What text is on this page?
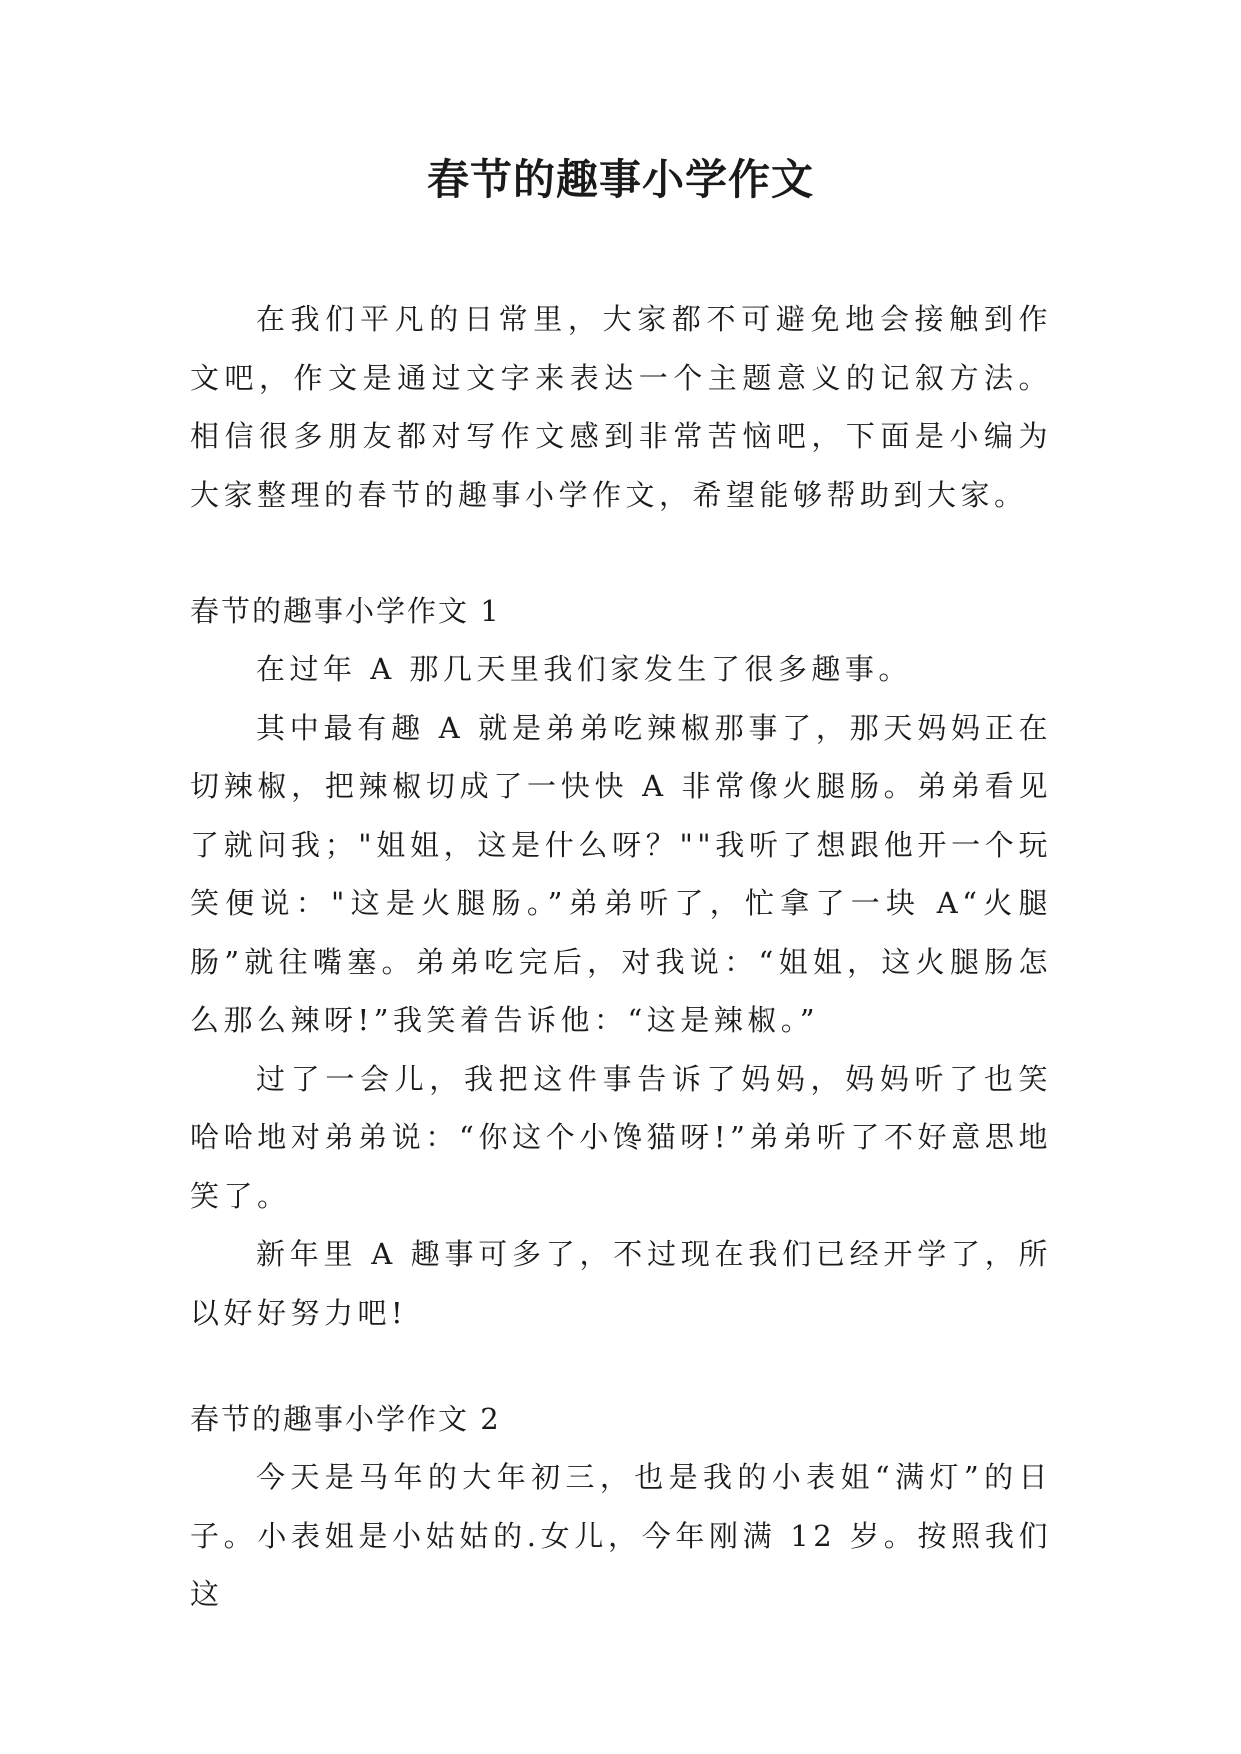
春节的趣事小学作文

在我们平凡的日常里，大家都不可避免地会接触到作文吧，作文是通过文字来表达一个主题意义的记叙方法。相信很多朋友都对写作文感到非常苦恼吧，下面是小编为大家整理的春节的趣事小学作文，希望能够帮助到大家。

春节的趣事小学作文 1

在过年 A 那几天里我们家发生了很多趣事。

其中最有趣 A 就是弟弟吃辣椒那事了，那天妈妈正在切辣椒，把辣椒切成了一快快 A 非常像火腿肠。弟弟看见了就问我；"姐姐，这是什么呀？""我听了想跟他开一个玩笑便说："这是火腿肠。”弟弟听了，忙拿了一块 A“火腿肠”就往嘴塞。弟弟吃完后，对我说：“姐姐，这火腿肠怎么那么辣呀!”我笑着告诉他：“这是辣椒。”

过了一会儿，我把这件事告诉了妈妈，妈妈听了也笑哈哈地对弟弟说：“你这个小馋猫呀!”弟弟听了不好意思地笑了。

新年里 A 趣事可多了，不过现在我们已经开学了，所以好好努力吧!

春节的趣事小学作文 2

今天是马年的大年初三，也是我的小表姐“满灯”的日子。小表姐是小姑姑的.女儿，今年刚满 12 岁。按照我们这
